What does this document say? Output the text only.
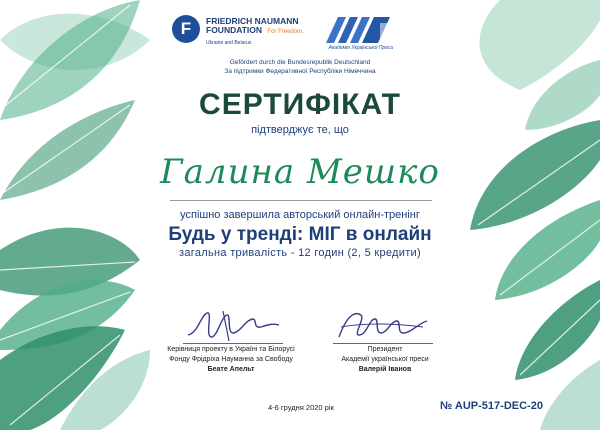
F	FRIEDRICH NAUMANN
FOUNDATION For Freedom.
Ukraine and Belarus
Академія Української Преси
Gefördert durch die Bundesrepublik Deutschland
За підтримки Федеративної Республіки Німеччина
СЕРТИФІКАТ
підтверджує те, що
Галина Мешко
успішно завершила авторський онлайн-тренінг
Будь у тренді: МІГ в онлайн
загальна тривалість - 12 годин (2, 5 кредити)
Керівниця проекту в Україні та Білорусі
Фонду Фрідріха Науманна за Свободу
Беате Апельт
Президент
Академії української преси
Валерій Іванов
4-6 грудня 2020 рік	№ AUP-517-DEC-20
